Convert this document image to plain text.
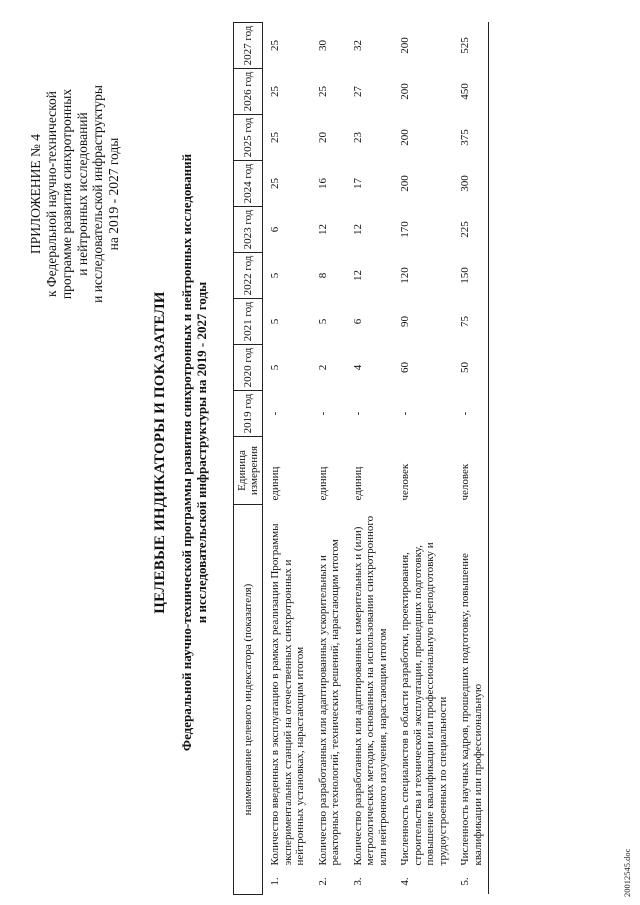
ПРИЛОЖЕНИЕ № 4 к Федеральной научно-технической программе развития синхротронных и нейтронных исследований и исследовательской инфраструктуры на 2019 - 2027 годы
ЦЕЛЕВЫЕ ИНДИКАТОРЫ И ПОКАЗАТЕЛИ Федеральной научно-технической программы развития синхротронных и нейтронных исследований и исследовательской инфраструктуры на 2019 - 2027 годы
наименование целевого индексатора (показателя)		Единица измерения	2019 год	2020 год	2021 год	2022 год	2023 год	2024 год	2025 год	2026 год	2027 год
1.	Количество введенных в эксплуатацию в рамках реализации Программы экспериментальных станций на отечественных синхротронных и нейтронных установках, нарастающим итогом	единиц	-	5	5	5	6	25	25	25	25
2.	Количество разработанных или адаптированных ускорительных и реакторных технологий, технических решений, нарастающим итогом	единиц	-	2	5	8	12	16	20	25	30
3.	Количество разработанных или адаптированных измерительных и (или) метрологических методик, основанных на использовании синхротронного или нейтронного излучения, нарастающим итогом	единиц	-	4	6	12	12	17	23	27	32
4.	Численность специалистов в области разработки, проектирования, строительства и технической эксплуатации, прошедших подготовку, повышение квалификации или профессиональную переподготовку и трудоустроенных по специальности	человек	-	60	90	120	170	200	200	200	200
5.	Численность научных кадров, прошедших подготовку, повышение квалификации или профессиональную	человек	-	50	75	150	225	300	375	450	525
20012545.doc
